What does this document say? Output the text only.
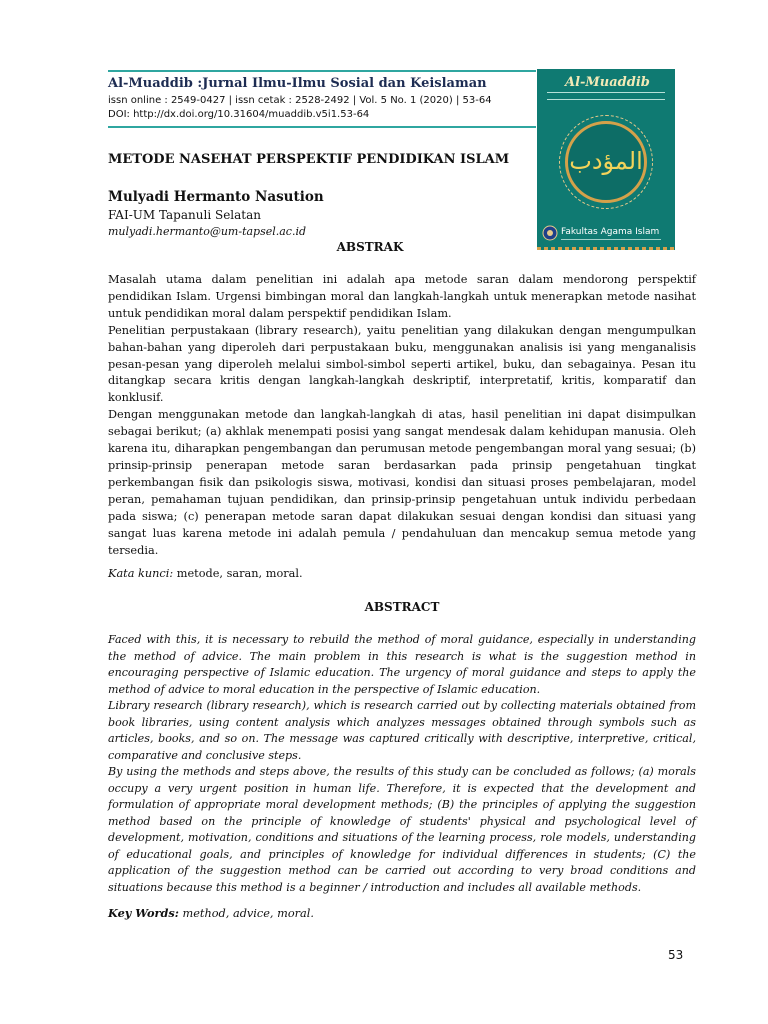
Al-Muaddib :Jurnal Ilmu-Ilmu Sosial dan Keislaman
issn online : 2549-0427 | issn cetak : 2528-2492 | Vol. 5 No. 1 (2020) | 53-64
DOI: http://dx.doi.org/10.31604/muaddib.v5i1.53-64
Al-Muaddib
المؤدب
Fakultas Agama Islam
METODE NASEHAT PERSPEKTIF PENDIDIKAN ISLAM
Mulyadi Hermanto Nasution
FAI-UM Tapanuli Selatan
mulyadi.hermanto@um-tapsel.ac.id
ABSTRAK

Masalah utama dalam penelitian ini adalah apa metode saran dalam mendorong perspektif pendidikan Islam. Urgensi bimbingan moral dan langkah-langkah untuk menerapkan metode nasihat untuk pendidikan moral dalam perspektif pendidikan Islam.

Penelitian perpustakaan (library research), yaitu penelitian yang dilakukan dengan mengumpulkan bahan-bahan yang diperoleh dari perpustakaan buku, menggunakan analisis isi yang menganalisis pesan-pesan yang diperoleh melalui simbol-simbol seperti artikel, buku, dan sebagainya. Pesan itu ditangkap secara kritis dengan langkah-langkah deskriptif, interpretatif, kritis, komparatif dan konklusif.

Dengan menggunakan metode dan langkah-langkah di atas, hasil penelitian ini dapat disimpulkan sebagai berikut; (a) akhlak menempati posisi yang sangat mendesak dalam kehidupan manusia. Oleh karena itu, diharapkan pengembangan dan perumusan metode pengembangan moral yang sesuai; (b) prinsip-prinsip penerapan metode saran berdasarkan pada prinsip pengetahuan tingkat perkembangan fisik dan psikologis siswa, motivasi, kondisi dan situasi proses pembelajaran, model peran, pemahaman tujuan pendidikan, dan prinsip-prinsip pengetahuan untuk individu perbedaan pada siswa; (c) penerapan metode saran dapat dilakukan sesuai dengan kondisi dan situasi yang sangat luas karena metode ini adalah pemula / pendahuluan dan mencakup semua metode yang tersedia.

Kata kunci: metode, saran, moral.
ABSTRACT

Faced with this, it is necessary to rebuild the method of moral guidance, especially in understanding the method of advice. The main problem in this research is what is the suggestion method in encouraging perspective of Islamic education. The urgency of moral guidance and steps to apply the method of advice to moral education in the perspective of Islamic education.

Library research (library research), which is research carried out by collecting materials obtained from book libraries, using content analysis which analyzes messages obtained through symbols such as articles, books, and so on. The message was captured critically with descriptive, interpretive, critical, comparative and conclusive steps.

By using the methods and steps above, the results of this study can be concluded as follows; (a) morals occupy a very urgent position in human life. Therefore, it is expected that the development and formulation of appropriate moral development methods; (B) the principles of applying the suggestion method based on the principle of knowledge of students' physical and psychological level of development, motivation, conditions and situations of the learning process, role models, understanding of educational goals, and principles of knowledge for individual differences in students; (C) the application of the suggestion method can be carried out according to very broad conditions and situations because this method is a beginner / introduction and includes all available methods.

Key Words: method, advice, moral.
53
